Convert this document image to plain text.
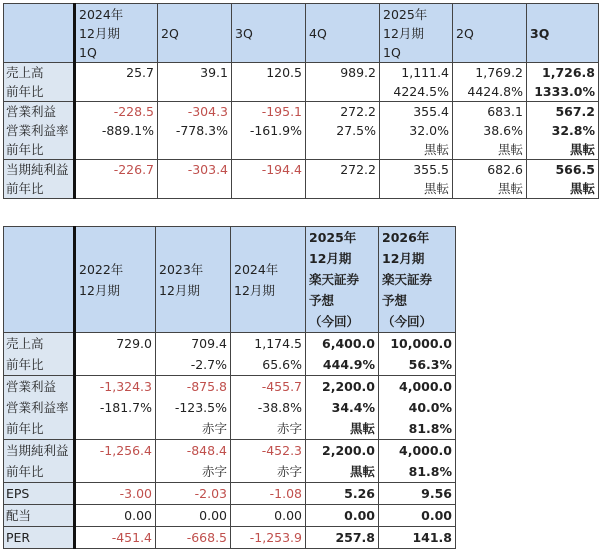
	2024年
12月期
1Q	2Q	3Q	4Q	2025年
12月期
1Q	2Q	3Q
売上高	25.7	39.1	120.5	989.2	1,111.4	1,769.2	1,726.8
前年比					4224.5%	4424.8%	1333.0%
営業利益	-228.5	-304.3	-195.1	272.2	355.4	683.1	567.2
営業利益率	-889.1%	-778.3%	-161.9%	27.5%	32.0%	38.6%	32.8%
前年比					黒転	黒転	黒転
当期純利益	-226.7	-303.4	-194.4	272.2	355.5	682.6	566.5
前年比					黒転	黒転	黒転
	2022年
12月期	2023年
12月期	2024年
12月期	2025年
12月期
楽天証券
予想
（今回）	2026年
12月期
楽天証券
予想
（今回）
売上高	729.0	709.4	1,174.5	6,400.0	10,000.0
前年比		-2.7%	65.6%	444.9%	56.3%
営業利益	-1,324.3	-875.8	-455.7	2,200.0	4,000.0
営業利益率	-181.7%	-123.5%	-38.8%	34.4%	40.0%
前年比		赤字	赤字	黒転	81.8%
当期純利益	-1,256.4	-848.4	-452.3	2,200.0	4,000.0
前年比		赤字	赤字	黒転	81.8%
EPS	-3.00	-2.03	-1.08	5.26	9.56
配当	0.00	0.00	0.00	0.00	0.00
PER	-451.4	-668.5	-1,253.9	257.8	141.8
